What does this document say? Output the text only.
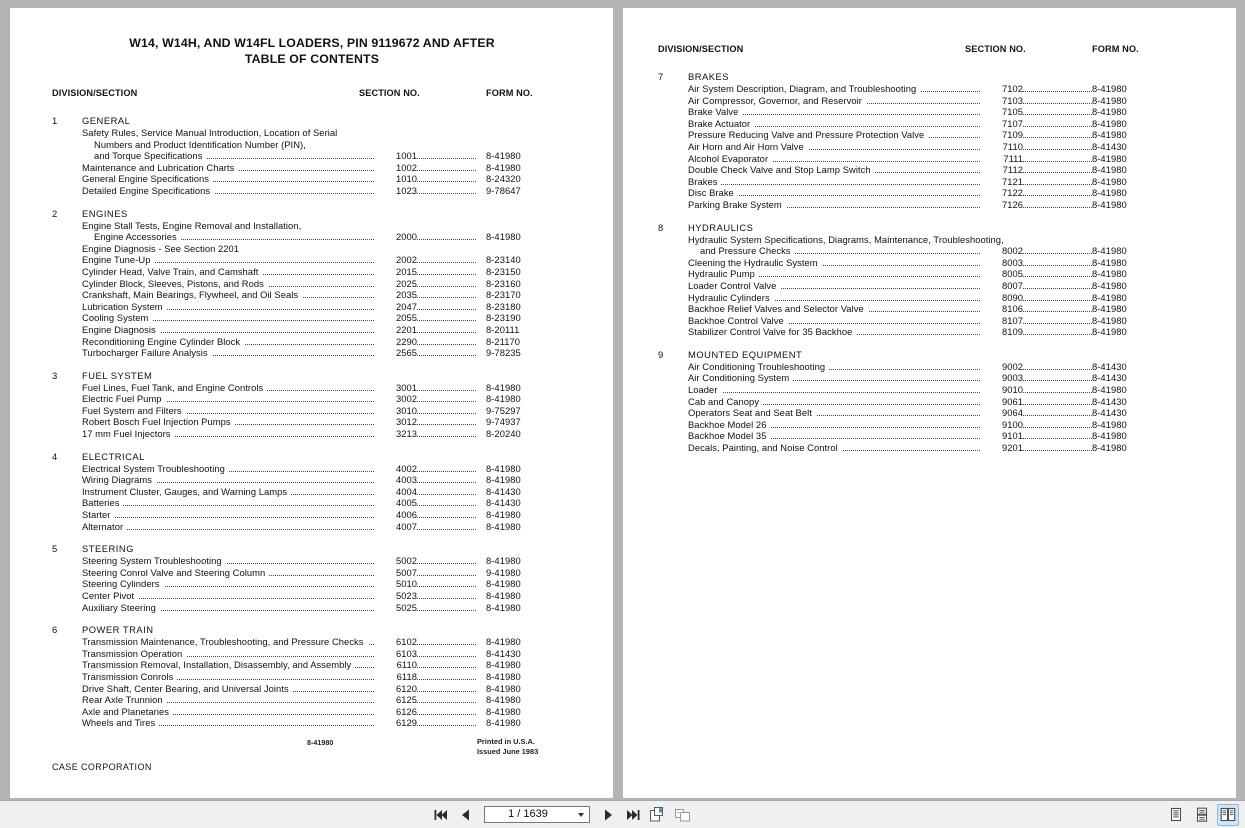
W14, W14H, AND W14FL LOADERS, PIN 9119672 AND AFTER
TABLE OF CONTENTS
DIVISION/SECTION	SECTION NO.	FORM NO.
1	GENERAL
Safety Rules, Service Manual Introduction, Location of Serial
Numbers and Product Identification Number (PIN),
and Torque Specifications	1001	8-41980
Maintenance and Lubrication Charts	1002	8-41980
General Engine Specifications	1010	8-24320
Detailed Engine Specifications	1023	9-78647
2	ENGINES
Engine Stall Tests, Engine Removal and Installation,
Engine Accessories	2000	8-41980
Engine Diagnosis - See Section 2201
Engine Tune-Up	2002	8-23140
Cylinder Head, Valve Train, and Camshaft	2015	8-23150
Cylinder Block, Sleeves, Pistons, and Rods	2025	8-23160
Crankshaft, Main Bearings, Flywheel, and Oil Seals	2035	8-23170
Lubrication System	2047	8-23180
Cooling System	2055	8-23190
Engine Diagnosis	2201	8-20111
Reconditioning Engine Cylinder Block	2290	8-21170
Turbocharger Failure Analysis	2565	9-78235
3	FUEL SYSTEM
Fuel Lines, Fuel Tank, and Engine Controls	3001	8-41980
Electric Fuel Pump	3002	8-41980
Fuel System and Filters	3010	9-75297
Robert Bosch Fuel Injection Pumps	3012	9-74937
17 mm Fuel Injectors	3213	8-20240
4	ELECTRICAL
Electrical System Troubleshooting	4002	8-41980
Wiring Diagrams	4003	8-41980
Instrument Cluster, Gauges, and Warning Lamps	4004	8-41430
Batteries	4005	8-41430
Starter	4006	8-41980
Alternator	4007	8-41980
5	STEERING
Steering System Troubleshooting	5002	8-41980
Steering Conrol Valve and Steering Column	5007	9-41980
Steering Cylinders	5010	8-41980
Center Pivot	5023	8-41980
Auxiliary Steering	5025	8-41980
6	POWER TRAIN
Transmission Maintenance, Troubleshooting, and Pressure Checks	6102	8-41980
Transmission Operation	6103	8-41430
Transmission Removal, Installation, Disassembly, and Assembly	6110	8-41980
Transmission Conrols	6118	8-41980
Drive Shaft, Center Bearing, and Universal Joints	6120	8-41980
Rear Axle Trunnion	6125	8-41980
Axle and Planetaries	6126	8-41980
Wheels and Tires	6129	8-41980
8-41980	Printed in U.S.A.
Issued June 1983
CASE CORPORATION
DIVISION/SECTION	SECTION NO.	FORM NO.
7	BRAKES
Air System Description, Diagram, and Troubleshooting	7102	8-41980
Air Compressor, Governor, and Reservoir	7103	8-41980
Brake Valve	7105	8-41980
Brake Actuator	7107	8-41980
Pressure Reducing Valve and Pressure Protection Valve	7109	8-41980
Air Horn and Air Horn Valve	7110	8-41430
Alcohol Evaporator	7111	8-41980
Double Check Valve and Stop Lamp Switch	7112	8-41980
Brakes	7121	8-41980
Disc Brake	7122	8-41980
Parking Brake System	7126	8-41980
8	HYDRAULICS
Hydraulic System Specifications, Diagrams, Maintenance, Troubleshooting,
and Pressure Checks	8002	8-41980
Cleening the Hydraulic System	8003	8-41980
Hydraulic Pump	8005	8-41980
Loader Control Valve	8007	8-41980
Hydraulic Cylinders	8090	8-41980
Backhoe Relief Valves and Selector Valve	8106	8-41980
Backhoe Control Valve	8107	8-41980
Stabilizer Control Valve for 35 Backhoe	8109	8-41980
9	MOUNTED EQUIPMENT
Air Conditioning Troubleshooting	9002	8-41430
Air Conditioning System	9003	8-41430
Loader	9010	8-41980
Cab and Canopy	9061	8-41430
Operators Seat and Seat Belt	9064	8-41430
Backhoe Model 26	9100	8-41980
Backhoe Model 35	9101	8-41980
Decals, Painting, and Noise Control	9201	8-41980
1 / 1639
